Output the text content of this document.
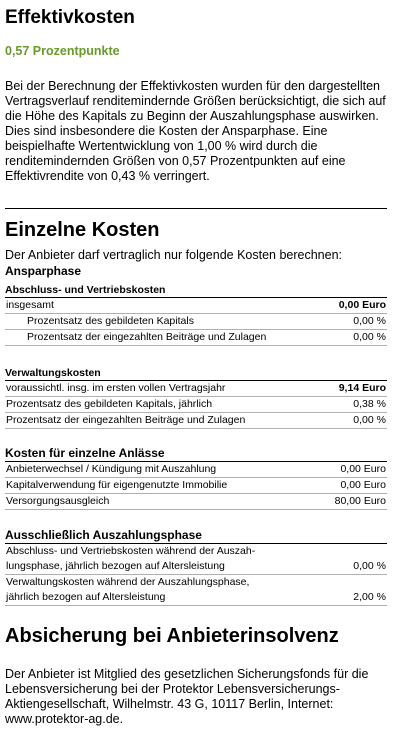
Effektivkosten
0,57 Prozentpunkte

Bei der Berechnung der Effektivkosten wurden für den dargestellten Vertragsverlauf renditemindernde Größen berücksichtigt, die sich auf die Höhe des Kapitals zu Beginn der Auszahlungsphase auswirken. Dies sind insbesondere die Kosten der Ansparphase. Eine beispielhafte Wertentwicklung von 1,00 % wird durch die renditemindernden Größen von 0,57 Prozentpunkten auf eine Effektivrendite von 0,43 % verringert.

Einzelne Kosten
Der Anbieter darf vertraglich nur folgende Kosten berechnen:
Ansparphase
Abschluss- und Vertriebskosten
insgesamt	0,00 Euro
Prozentsatz des gebildeten Kapitals	0,00 %
Prozentsatz der eingezahlten Beiträge und Zulagen	0,00 %
Verwaltungskosten
voraussichtl. insg. im ersten vollen Vertragsjahr	9,14 Euro
Prozentsatz des gebildeten Kapitals, jährlich	0,38 %
Prozentsatz der eingezahlten Beiträge und Zulagen	0,00 %
Kosten für einzelne Anlässe
Anbieterwechsel / Kündigung mit Auszahlung	0,00 Euro
Kapitalverwendung für eigengenutzte Immobilie	0,00 Euro
Versorgungsausgleich	80,00 Euro
Ausschließlich Auszahlungsphase
Abschluss- und Vertriebskosten während der Auszah-	
lungsphase, jährlich bezogen auf Altersleistung	0,00 %
Verwaltungskosten während der Auszahlungsphase,	
jährlich bezogen auf Altersleistung	2,00 %
Absicherung bei Anbieterinsolvenz

Der Anbieter ist Mitglied des gesetzlichen Sicherungsfonds für die Lebensversicherung bei der Protektor Lebensversicherungs-Aktiengesellschaft, Wilhelmstr. 43 G, 10117 Berlin, Internet: www.protektor-ag.de.
